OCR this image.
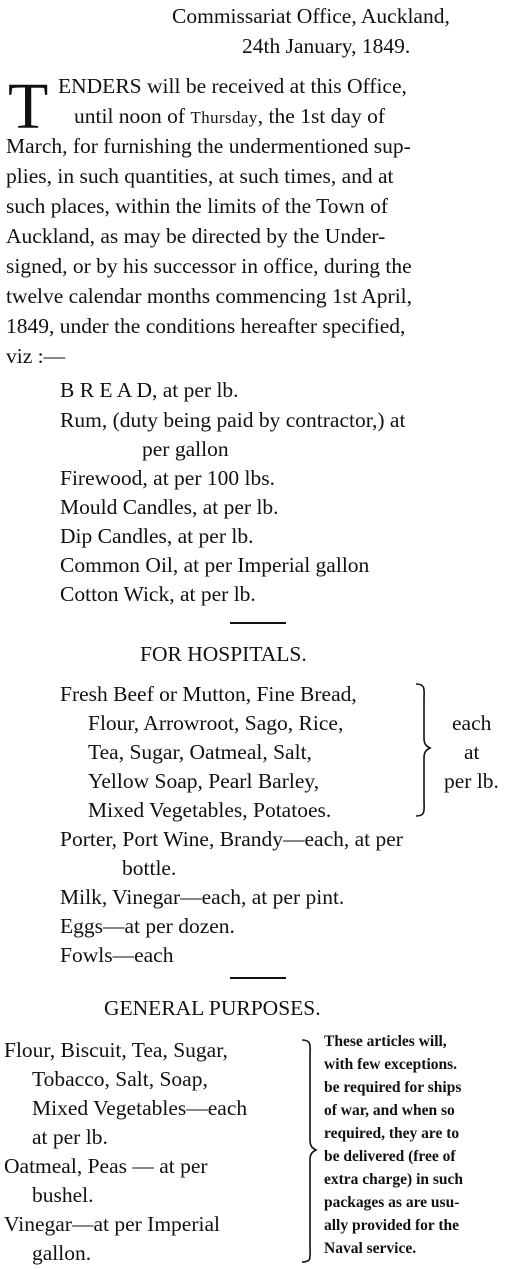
Commissariat Office, Auckland,
24th January, 1849.
T ENDERS will be received at this Office,
until noon of Thursday, the 1st day of
March, for furnishing the undermentioned sup-
plies, in such quantities, at such times, and at
such places, within the limits of the Town of
Auckland, as may be directed by the Under-
signed, or by his successor in office, during the
twelve calendar months commencing 1st April,
1849, under the conditions hereafter specified,
viz :—
B R E A D, at per lb.
Rum, (duty being paid by contractor,) at
per gallon
Firewood, at per 100 lbs.
Mould Candles, at per lb.
Dip Candles, at per lb.
Common Oil, at per Imperial gallon
Cotton Wick, at per lb.
FOR HOSPITALS.
Fresh Beef or Mutton, Fine Bread,
Flour, Arrowroot, Sago, Rice,
Tea, Sugar, Oatmeal, Salt,
Yellow Soap, Pearl Barley,
Mixed Vegetables, Potatoes.
each
at
per lb.
Porter, Port Wine, Brandy—each, at per
bottle.
Milk, Vinegar—each, at per pint.
Eggs—at per dozen.
Fowls—each
GENERAL PURPOSES.
Flour, Biscuit, Tea, Sugar,
Tobacco, Salt, Soap,
Mixed Vegetables—each
at per lb.
Oatmeal, Peas — at per
bushel.
Vinegar—at per Imperial
gallon.
These articles will,
with few exceptions.
be required for ships
of war, and when so
required, they are to
be delivered (free of
extra charge) in such
packages as are usu-
ally provided for the
Naval service.
